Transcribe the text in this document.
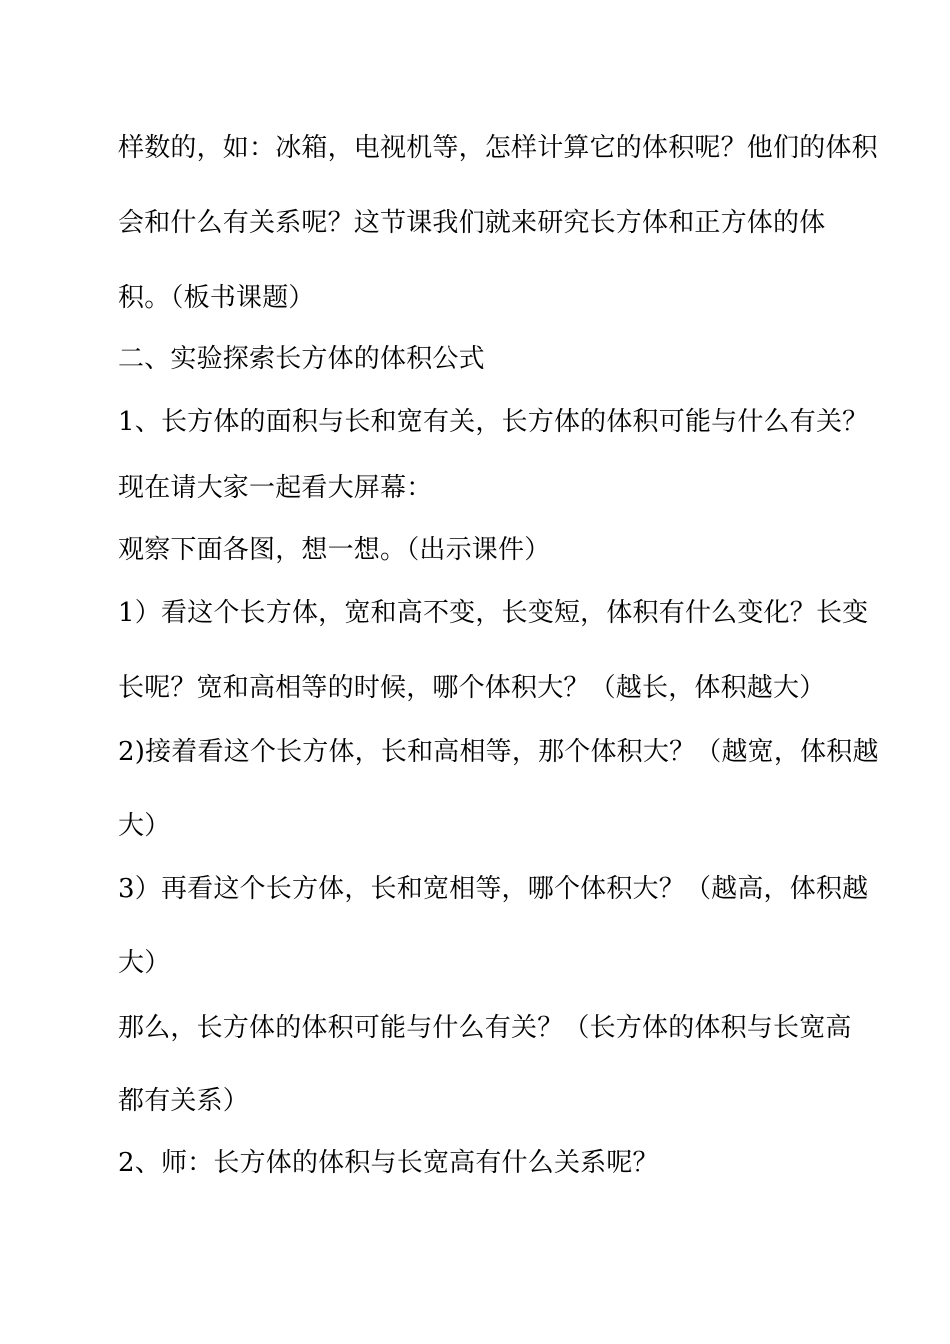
样数的，如：冰箱，电视机等，怎样计算它的体积呢？他们的体积
会和什么有关系呢？这节课我们就来研究长方体和正方体的体
积。（板书课题）
二、实验探索长方体的体积公式
1、长方体的面积与长和宽有关，长方体的体积可能与什么有关？
现在请大家一起看大屏幕：
观察下面各图，想一想。（出示课件）
1）看这个长方体，宽和高不变，长变短，体积有什么变化？长变
长呢？宽和高相等的时候，哪个体积大？（越长，体积越大）
2)接着看这个长方体，长和高相等，那个体积大？（越宽，体积越
大）
3）再看这个长方体，长和宽相等，哪个体积大？（越高，体积越
大）
那么，长方体的体积可能与什么有关？（长方体的体积与长宽高
都有关系）
2、师：长方体的体积与长宽高有什么关系呢？
